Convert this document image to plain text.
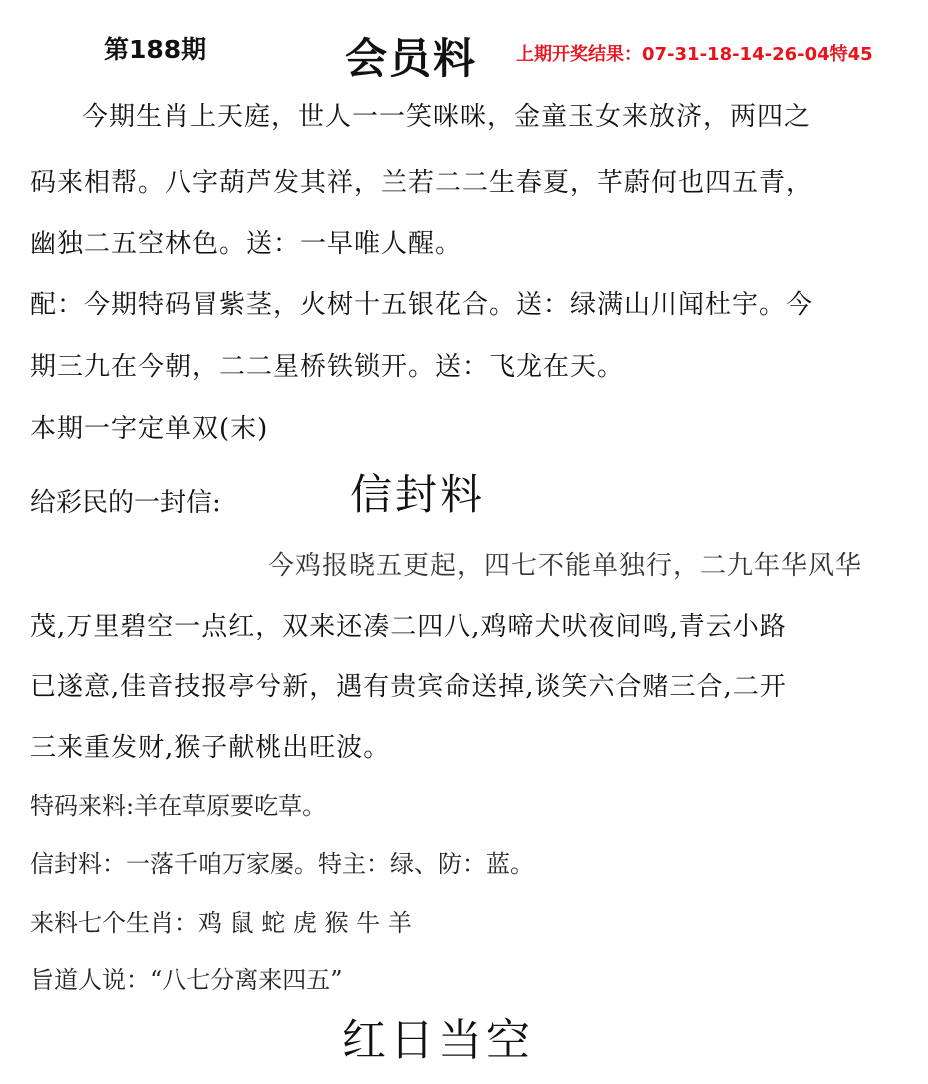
第188期	会员料 上期开奖结果：07-31-18-14-26-04特45
今期生肖上天庭，世人一一笑咪咪，金童玉女来放济，两四之
码来相帮。八字葫芦发其祥，兰若二二生春夏，芊蔚何也四五青，
幽独二五空林色。送：一早唯人醒。
配：今期特码冒紫茎，火树十五银花合。送：绿满山川闻杜宇。今
期三九在今朝，二二星桥铁锁开。送：飞龙在天。
本期一字定单双(末)
给彩民的一封信:	信封料
今鸡报晓五更起，四七不能单独行，二九年华风华
茂,万里碧空一点红，双来还凑二四八,鸡啼犬吠夜间鸣,青云小路
已遂意,佳音技报亭兮新，遇有贵宾命送掉,谈笑六合赌三合,二开
三来重发财,猴子献桃出旺波。
特码来料:羊在草原要吃草。
信封料：一落千咱万家屡。特主：绿、防：蓝。
来料七个生肖：鸡 鼠 蛇 虎 猴 牛 羊
旨道人说：“八七分离来四五”
红日当空
